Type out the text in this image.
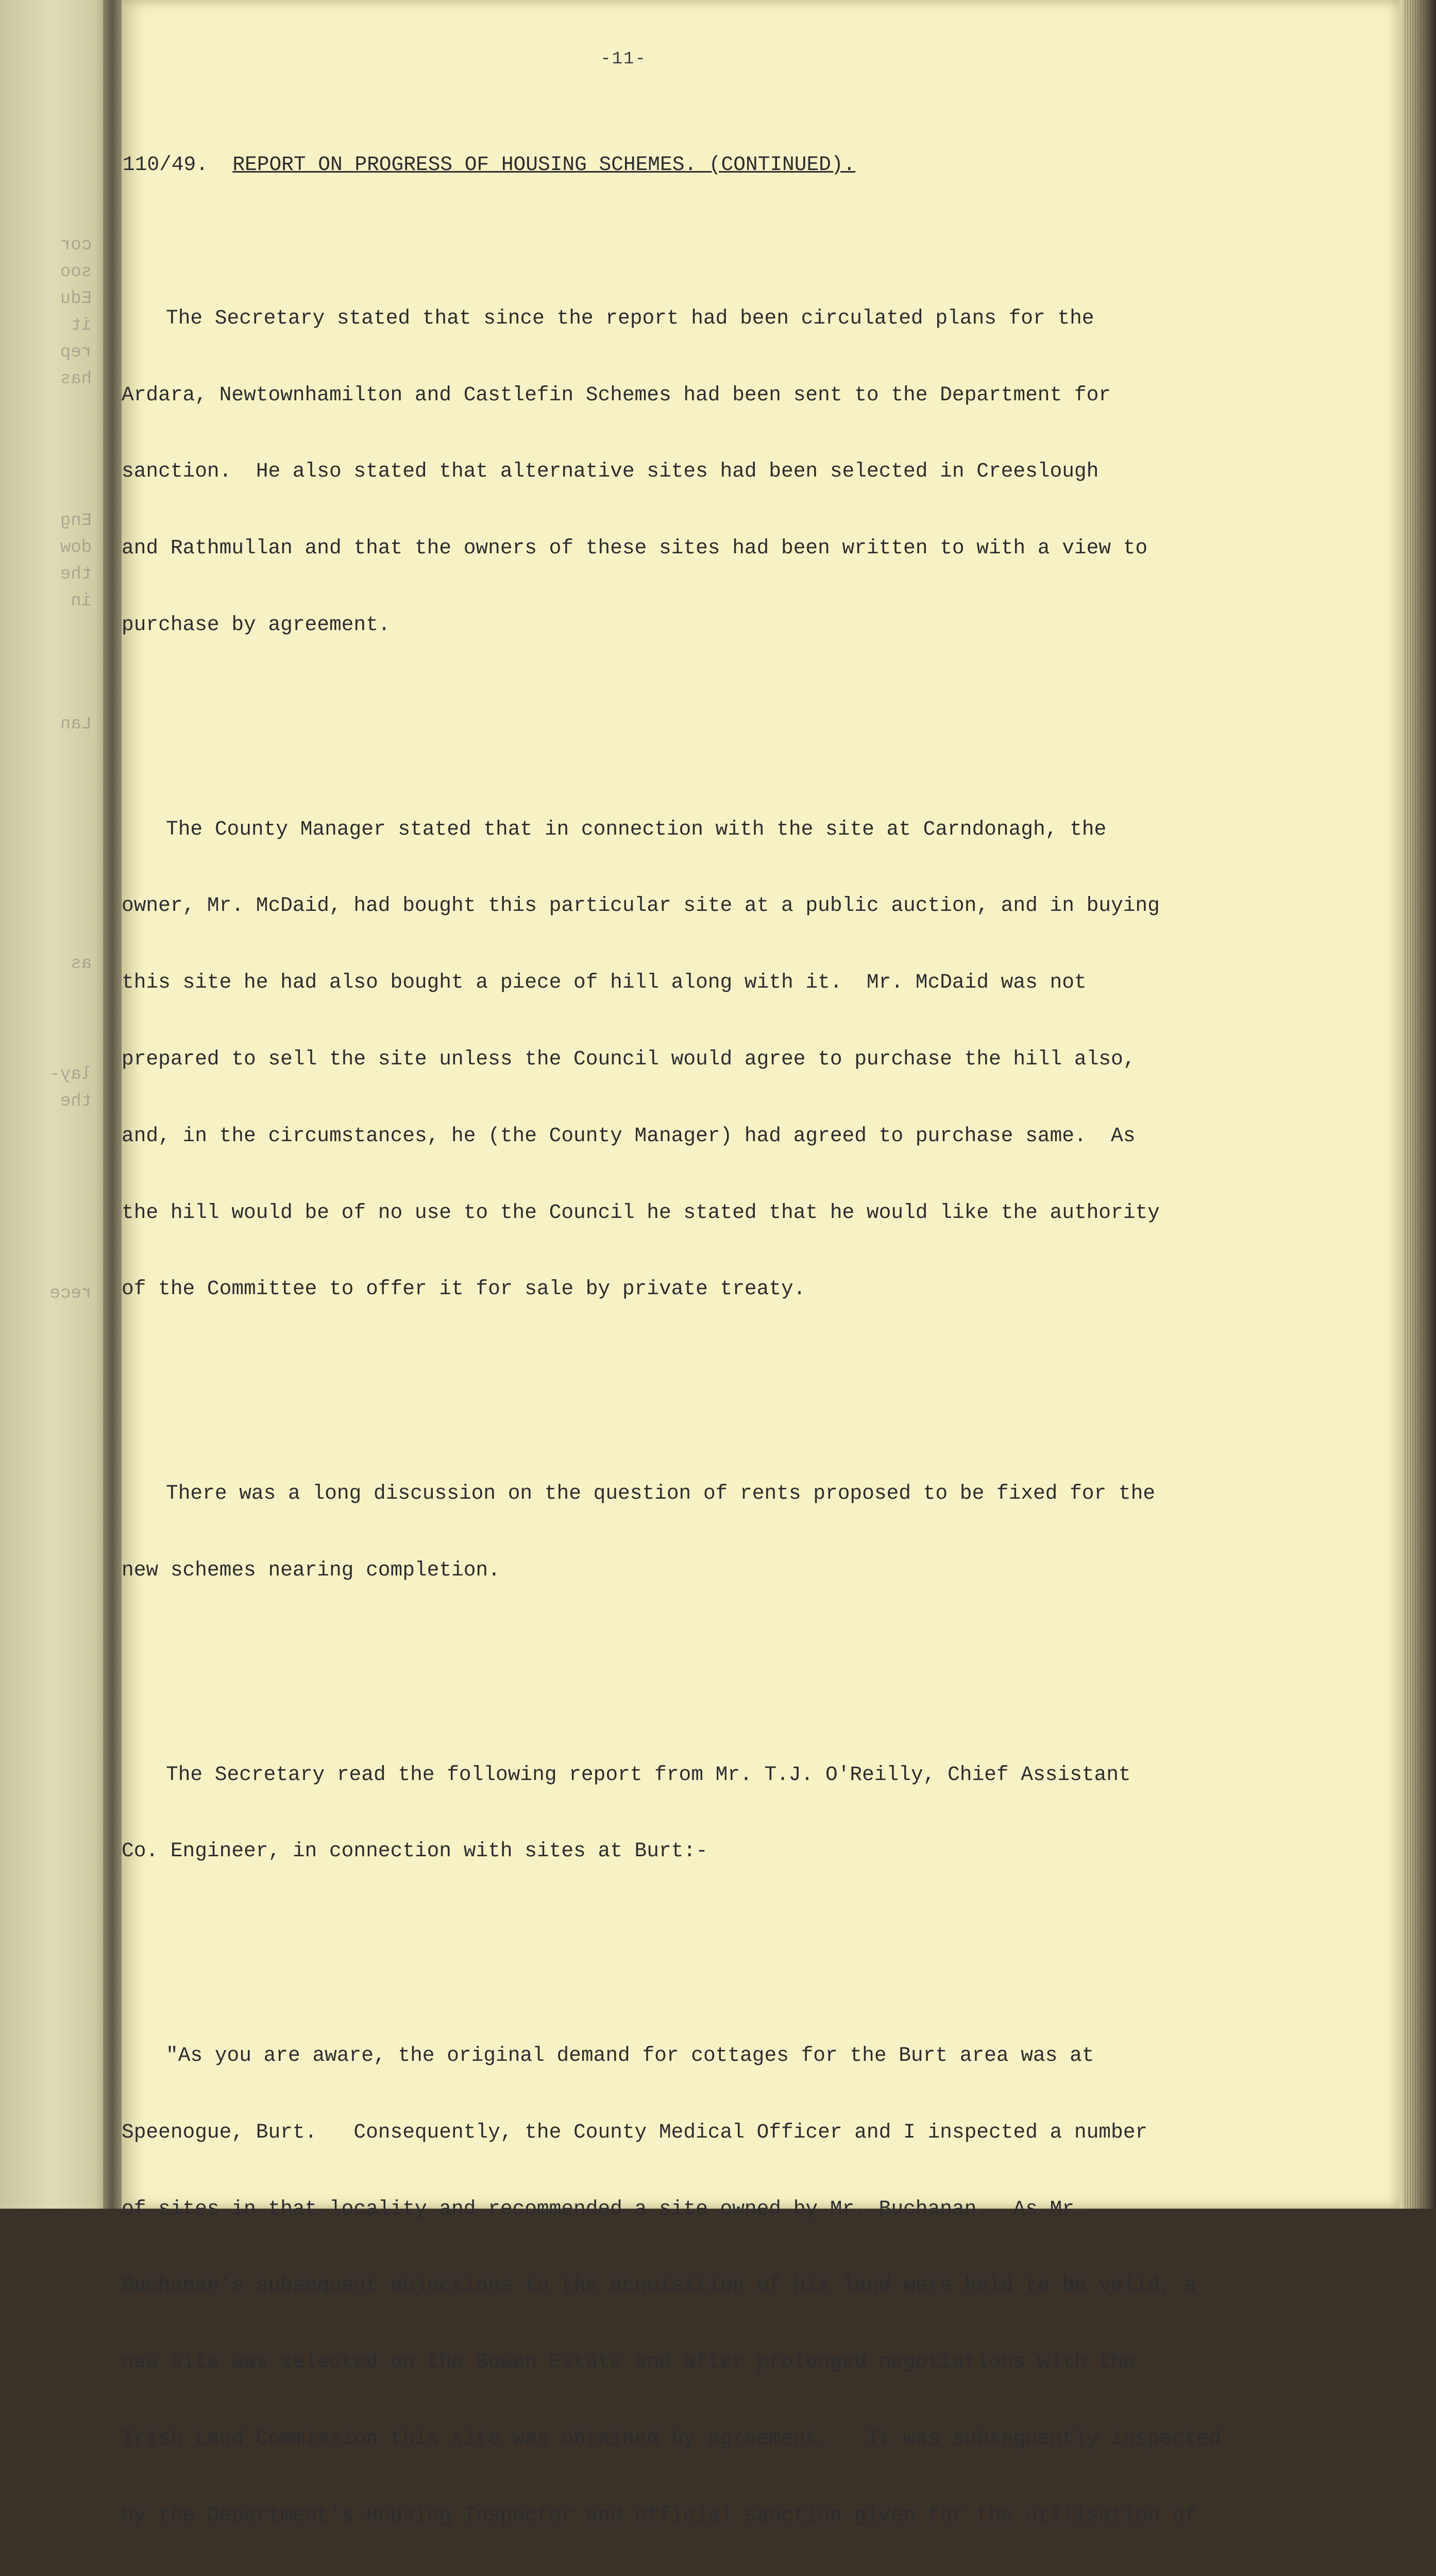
cor
soo
Edu
it
rep
has
Eng
dow
the
in
Lan
as
lay-
the
rece
-11-

110/49. REPORT ON PROGRESS OF HOUSING SCHEMES. (CONTINUED).

The Secretary stated that since the report had been circulated plans for the

Ardara, Newtownhamilton and Castlefin Schemes had been sent to the Department for

sanction.  He also stated that alternative sites had been selected in Creeslough

and Rathmullan and that the owners of these sites had been written to with a view to

purchase by agreement.

The County Manager stated that in connection with the site at Carndonagh, the

owner, Mr. McDaid, had bought this particular site at a public auction, and in buying

this site he had also bought a piece of hill along with it.  Mr. McDaid was not

prepared to sell the site unless the Council would agree to purchase the hill also,

and, in the circumstances, he (the County Manager) had agreed to purchase same.  As

the hill would be of no use to the Council he stated that he would like the authority

of the Committee to offer it for sale by private treaty.

There was a long discussion on the question of rents proposed to be fixed for the

new schemes nearing completion.

The Secretary read the following report from Mr. T.J. O'Reilly, Chief Assistant

Co. Engineer, in connection with sites at Burt:-

"As you are aware, the original demand for cottages for the Burt area was at

Speenogue, Burt.   Consequently, the County Medical Officer and I inspected a number

of sites in that locality and recommended a site owned by Mr. Buchanan.  As Mr.

Buchanan's subsequent objections to the acquisition of his land were held to be valid, a

new site was selected on the Bowen Estate and after prolonged negotiations with the

Irish Land Commission this site was obtained by agreement.   It was subsequently inspected

by the Department's Housing Inspector and official sanction given for the utilisation of
